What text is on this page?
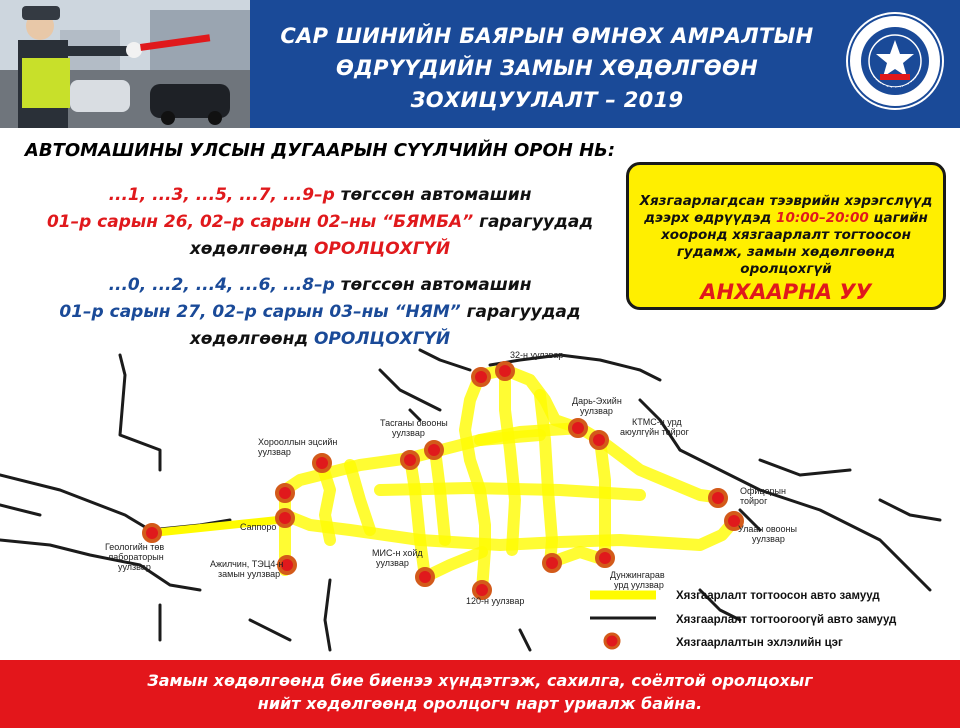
САР ШИНИЙН БАЯРЫН ӨМНӨХ АМРАЛТЫН
ӨДРҮҮДИЙН ЗАМЫН ХӨДӨЛГӨӨН
ЗОХИЦУУЛАЛТ – 2019
TRANSPORTATION POL
АВТОМАШИНЫ УЛСЫН ДУГААРЫН СҮҮЛЧИЙН ОРОН НЬ:
...1, ...3, ...5, ...7, ...9–р төгссөн автомашин
01–р сарын 26, 02–р сарын 02–ны “БЯМБА” гарагуудад
хөдөлгөөнд ОРОЛЦОХГҮЙ
...0, ...2, ...4, ...6, ...8–р төгссөн автомашин
01–р сарын 27, 02–р сарын 03–ны “НЯМ” гарагуудад
хөдөлгөөнд ОРОЛЦОХГҮЙ
Хязгаарлагдсан тээврийн хэрэгслүүд
дээрх өдрүүдэд 10:00–20:00 цагийн
хооронд хязгаарлалт тогтоосон
гудамж, замын хөдөлгөөнд оролцохгүй
АНХААРНА УУ
32-н уулзвар
Дарь-Эхийн
уулзвар
КТМС-н урд
аюулгүйн тойрог
Тасганы овооны
уулзвар
Хорооллын эцсийн
уулзвар
Офицерын
тойрог
Улаан овооны
уулзвар
Геологийн төв
лабораторын
уулзвар
Саппоро
Ажилчин, ТЭЦ4-н
замын уулзвар
МИС-н хойд
уулзвар
Дунжингарав
урд уулзвар
120-н уулзвар	Хязгаарлалт тогтоосон авто замууд
Хязгаарлалт тогтоогоогүй авто замууд
Хязгаарлалтын эхлэлийн цэг
Замын хөдөлгөөнд бие биенээ хүндэтгэж, сахилга, соёлтой оролцохыг
нийт хөдөлгөөнд оролцогч нарт уриалж байна.
